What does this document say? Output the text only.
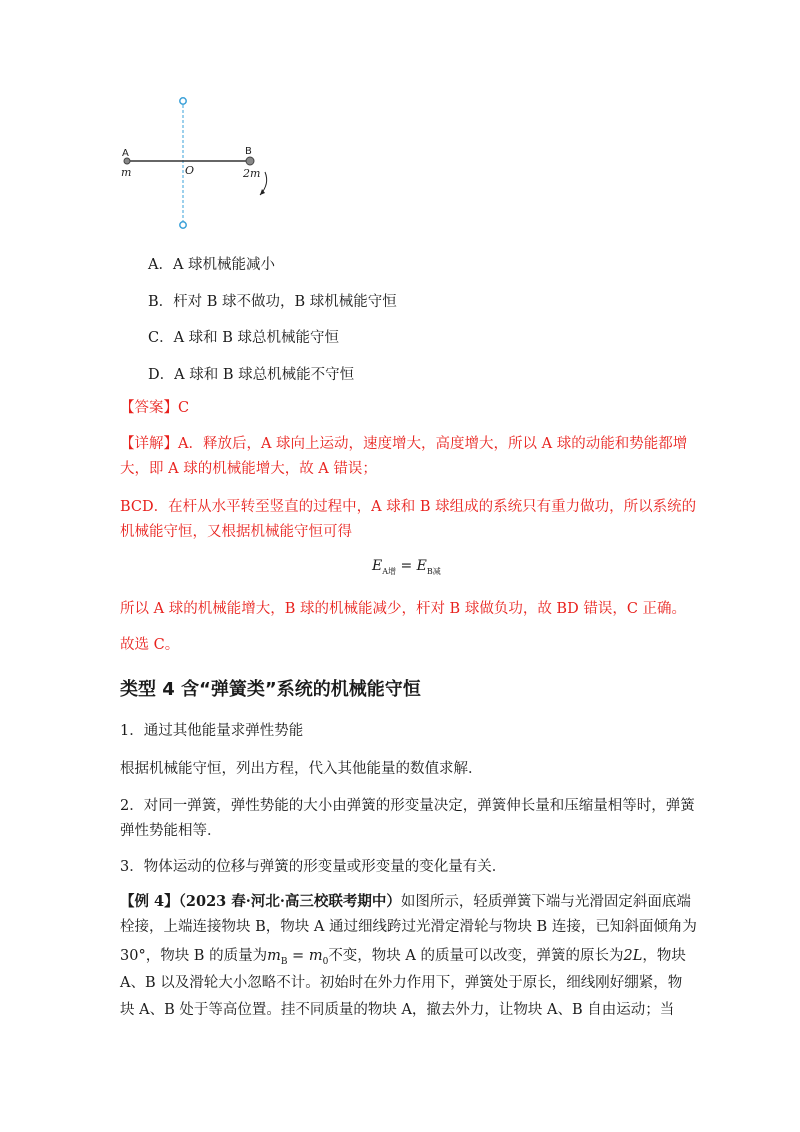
A	B
O
m	2m
A．A 球机械能减小
B．杆对 B 球不做功，B 球机械能守恒
C．A 球和 B 球总机械能守恒
D．A 球和 B 球总机械能不守恒
【答案】C
【详解】A．释放后，A 球向上运动，速度增大，高度增大，所以 A 球的动能和势能都增
大，即 A 球的机械能增大，故 A 错误；
BCD．在杆从水平转至竖直的过程中，A 球和 B 球组成的系统只有重力做功，所以系统的
机械能守恒，又根据机械能守恒可得
$E_{A增} = E_{B减}$
所以 A 球的机械能增大，B 球的机械能减少，杆对 B 球做负功，故 BD 错误，C 正确。
故选 C。
类型 4 含“弹簧类”系统的机械能守恒
1．通过其他能量求弹性势能
根据机械能守恒，列出方程，代入其他能量的数值求解．
2．对同一弹簧，弹性势能的大小由弹簧的形变量决定，弹簧伸长量和压缩量相等时，弹簧
弹性势能相等．
3．物体运动的位移与弹簧的形变量或形变量的变化量有关．
【例 4】（2023 春·河北·高三校联考期中）如图所示，轻质弹簧下端与光滑固定斜面底端
栓接，上端连接物块 B，物块 A 通过细线跨过光滑定滑轮与物块 B 连接，已知斜面倾角为
30°，物块 B 的质量为$m_B = m_0$不变，物块 A 的质量可以改变，弹簧的原长为2L，物块
A、B 以及滑轮大小忽略不计。初始时在外力作用下，弹簧处于原长，细线刚好绷紧，物
块 A、B 处于等高位置。挂不同质量的物块 A，撤去外力，让物块 A、B 自由运动；当
